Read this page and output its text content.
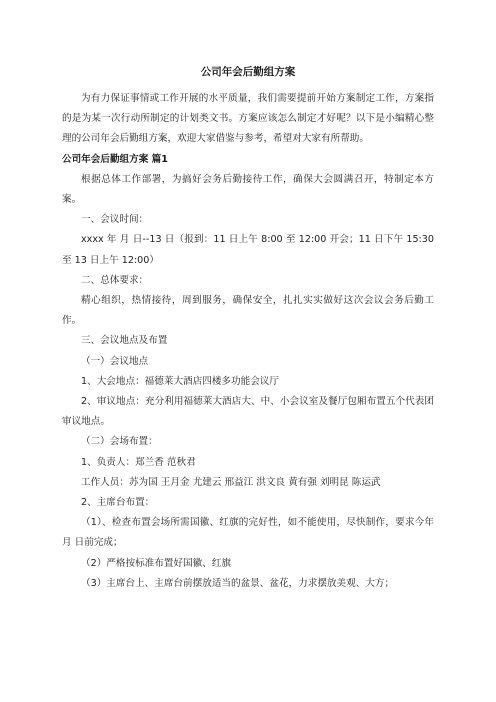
公司年会后勤组方案

为有力保证事情或工作开展的水平质量，我们需要提前开始方案制定工作，方案指的是为某一次行动所制定的计划类文书。方案应该怎么制定才好呢？以下是小编精心整理的公司年会后勤组方案，欢迎大家借鉴与参考，希望对大家有所帮助。

公司年会后勤组方案 篇1

根据总体工作部署，为搞好会务后勤接待工作，确保大会圆满召开，特制定本方案。

一、会议时间：

xxxx 年 月 日--13 日（报到：11 日上午 8:00 至 12:00 开会；11 日下午 15:30 至 13 日上午 12:00）

二、总体要求：

精心组织，热情接待，周到服务，确保安全，扎扎实实做好这次会议会务后勤工作。

三、会议地点及布置

（一）会议地点

1、大会地点：福德莱大酒店四楼多功能会议厅

2、审议地点：充分利用福德莱大酒店大、中、小会议室及餐厅包厢布置五个代表团审议地点。

（二）会场布置：

1、负责人：郑兰香 范秋君

工作人员：苏为国 王月金 尤建云 邢益江 洪文良 黄有强 刘明昆 陈运武

2、主席台布置：

（1）、检查布置会场所需国徽、红旗的完好性，如不能使用，尽快制作，要求今年 月 日前完成；

（2）严格按标准布置好国徽、红旗

（3）主席台上、主席台前摆放适当的盆景、盆花，力求摆放美观、大方；
